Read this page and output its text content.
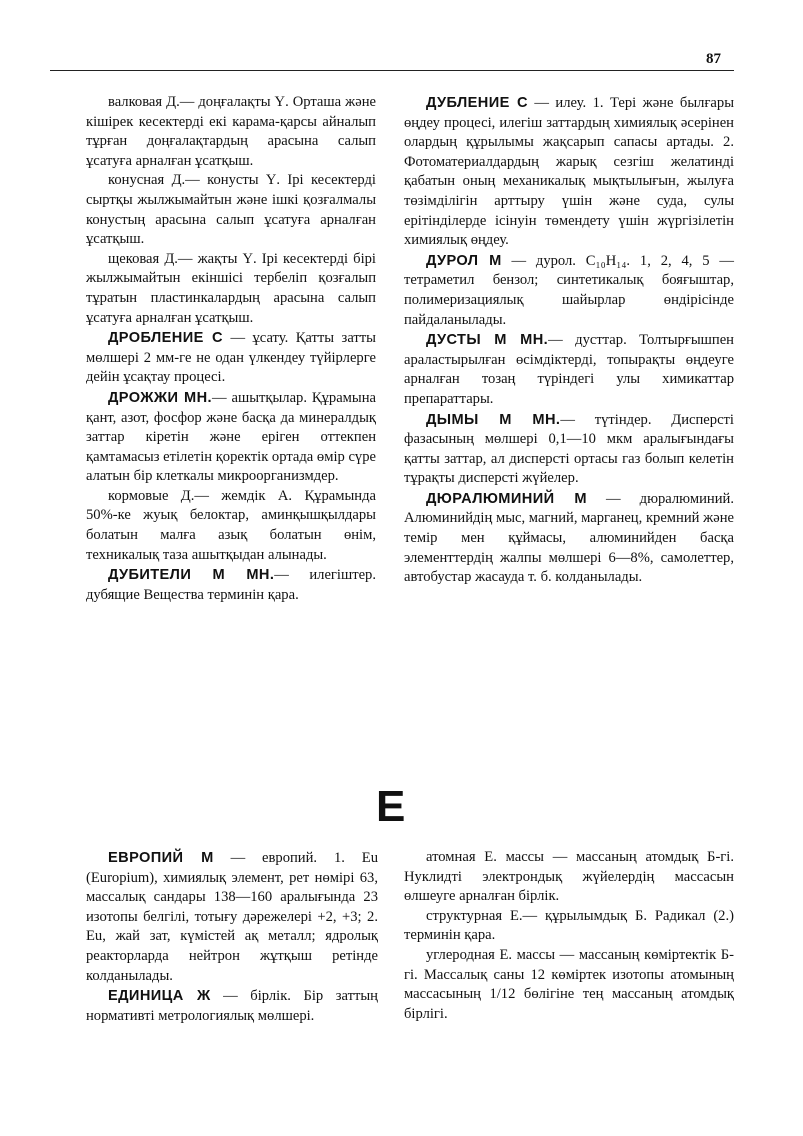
87

валковая Д.— доңғалақты Ү. Орташа және кішірек кесектерді екі карама-қарсы айналып тұрған доңғалақтардың арасына салып ұсатуға арналған ұсатқыш.

конусная Д.— конусты Ү. Ірі кесектерді сыртқы жылжымайтын және ішкі қозғалмалы конустың арасына салып ұсатуға арналған ұсатқыш.

щековая Д.— жақты Ү. Ірі кесектерді бірі жылжымайтын екіншісі тербеліп қозғалып тұратын пластинкалардың арасына салып ұсатуға арналған ұсатқыш.

ДРОБЛЕНИЕ С — ұсату. Қатты затты мөлшері 2 мм-ге не одан үлкендеу түйірлерге дейін ұсақтау процесі.

ДРОЖЖИ МН.— ашытқылар. Құрамына қант, азот, фосфор және басқа да минералдық заттар кіретін және еріген оттекпен қамтамасыз етілетін қоректік ортада өмір сүре алатын бір клеткалы микроорганизмдер.

кормовые Д.— жемдік А. Құрамында 50%-ке жуық белоктар, аминқышқылдары болатын малға азық болатын өнім, техникалық таза ашытқыдан алынады.

ДУБИТЕЛИ М МН.— илегіштер. дубящие Вещества терминін қара.

ДУБЛЕНИЕ С — илеу. 1. Тері және былғары өңдеу процесі, илегіш заттардың химиялық әсерінен олардың құрылымы жақсарып сапасы артады. 2. Фотоматериалдардың жарық сезгіш желатинді қабатын оның механикалық мықтылығын, жылуға төзімділігін арттыру үшін және суда, сулы ерітінділерде ісінуін төмендету үшін жүргізілетін химиялық өңдеу.

ДУРОЛ М — дурол. C₁₀H₁₄. 1, 2, 4, 5 — тетраметил бензол; синтетикалық бояғыштар, полимеризациялық шайырлар өндірісінде пайдаланылады.

ДУСТЫ М МН.— дусттар. Толтырғышпен араластырылған өсімдіктерді, топырақты өңдеуге арналған тозаң түріндегі улы химикаттар препараттары.

ДЫМЫ М МН.— түтіндер. Дисперсті фазасының мөлшері 0,1—10 мкм аралығындағы қатты заттар, ал дисперсті ортасы газ болып келетін тұрақты дисперсті жүйелер.

ДЮРАЛЮМИНИЙ М — дюралюминий. Алюминийдің мыс, магний, марганец, кремний және темір мен құймасы, алюминийден басқа элементтердің жалпы мөлшері 6—8%, самолеттер, автобустар жасауда т. б. колданылады.

Е

ЕВРОПИЙ М — европий. 1. Eu (Europium), химиялық элемент, рет нөмірі 63, массалық сандары 138—160 аралығында 23 изотопы белгілі, тотығу дәрежелері +2, +3; 2. Eu, жай зат, күмістей ақ металл; ядролық реакторларда нейтрон жұтқыш ретінде колданылады.

ЕДИНИЦА Ж — бірлік. Бір заттың нормативті метрологиялық мөлшері.

атомная Е. массы — массаның атомдық Б-гі. Нуклидті электрондық жүйелердің массасын өлшеуге арналған бірлік.

структурная Е.— құрылымдық Б. Радикал (2.) терминін қара.

углеродная Е. массы — массаның көміртектік Б-гі. Массалық саны 12 көміртек изотопы атомының массасының 1/12 бөлігіне тең массаның атомдық бірлігі.
